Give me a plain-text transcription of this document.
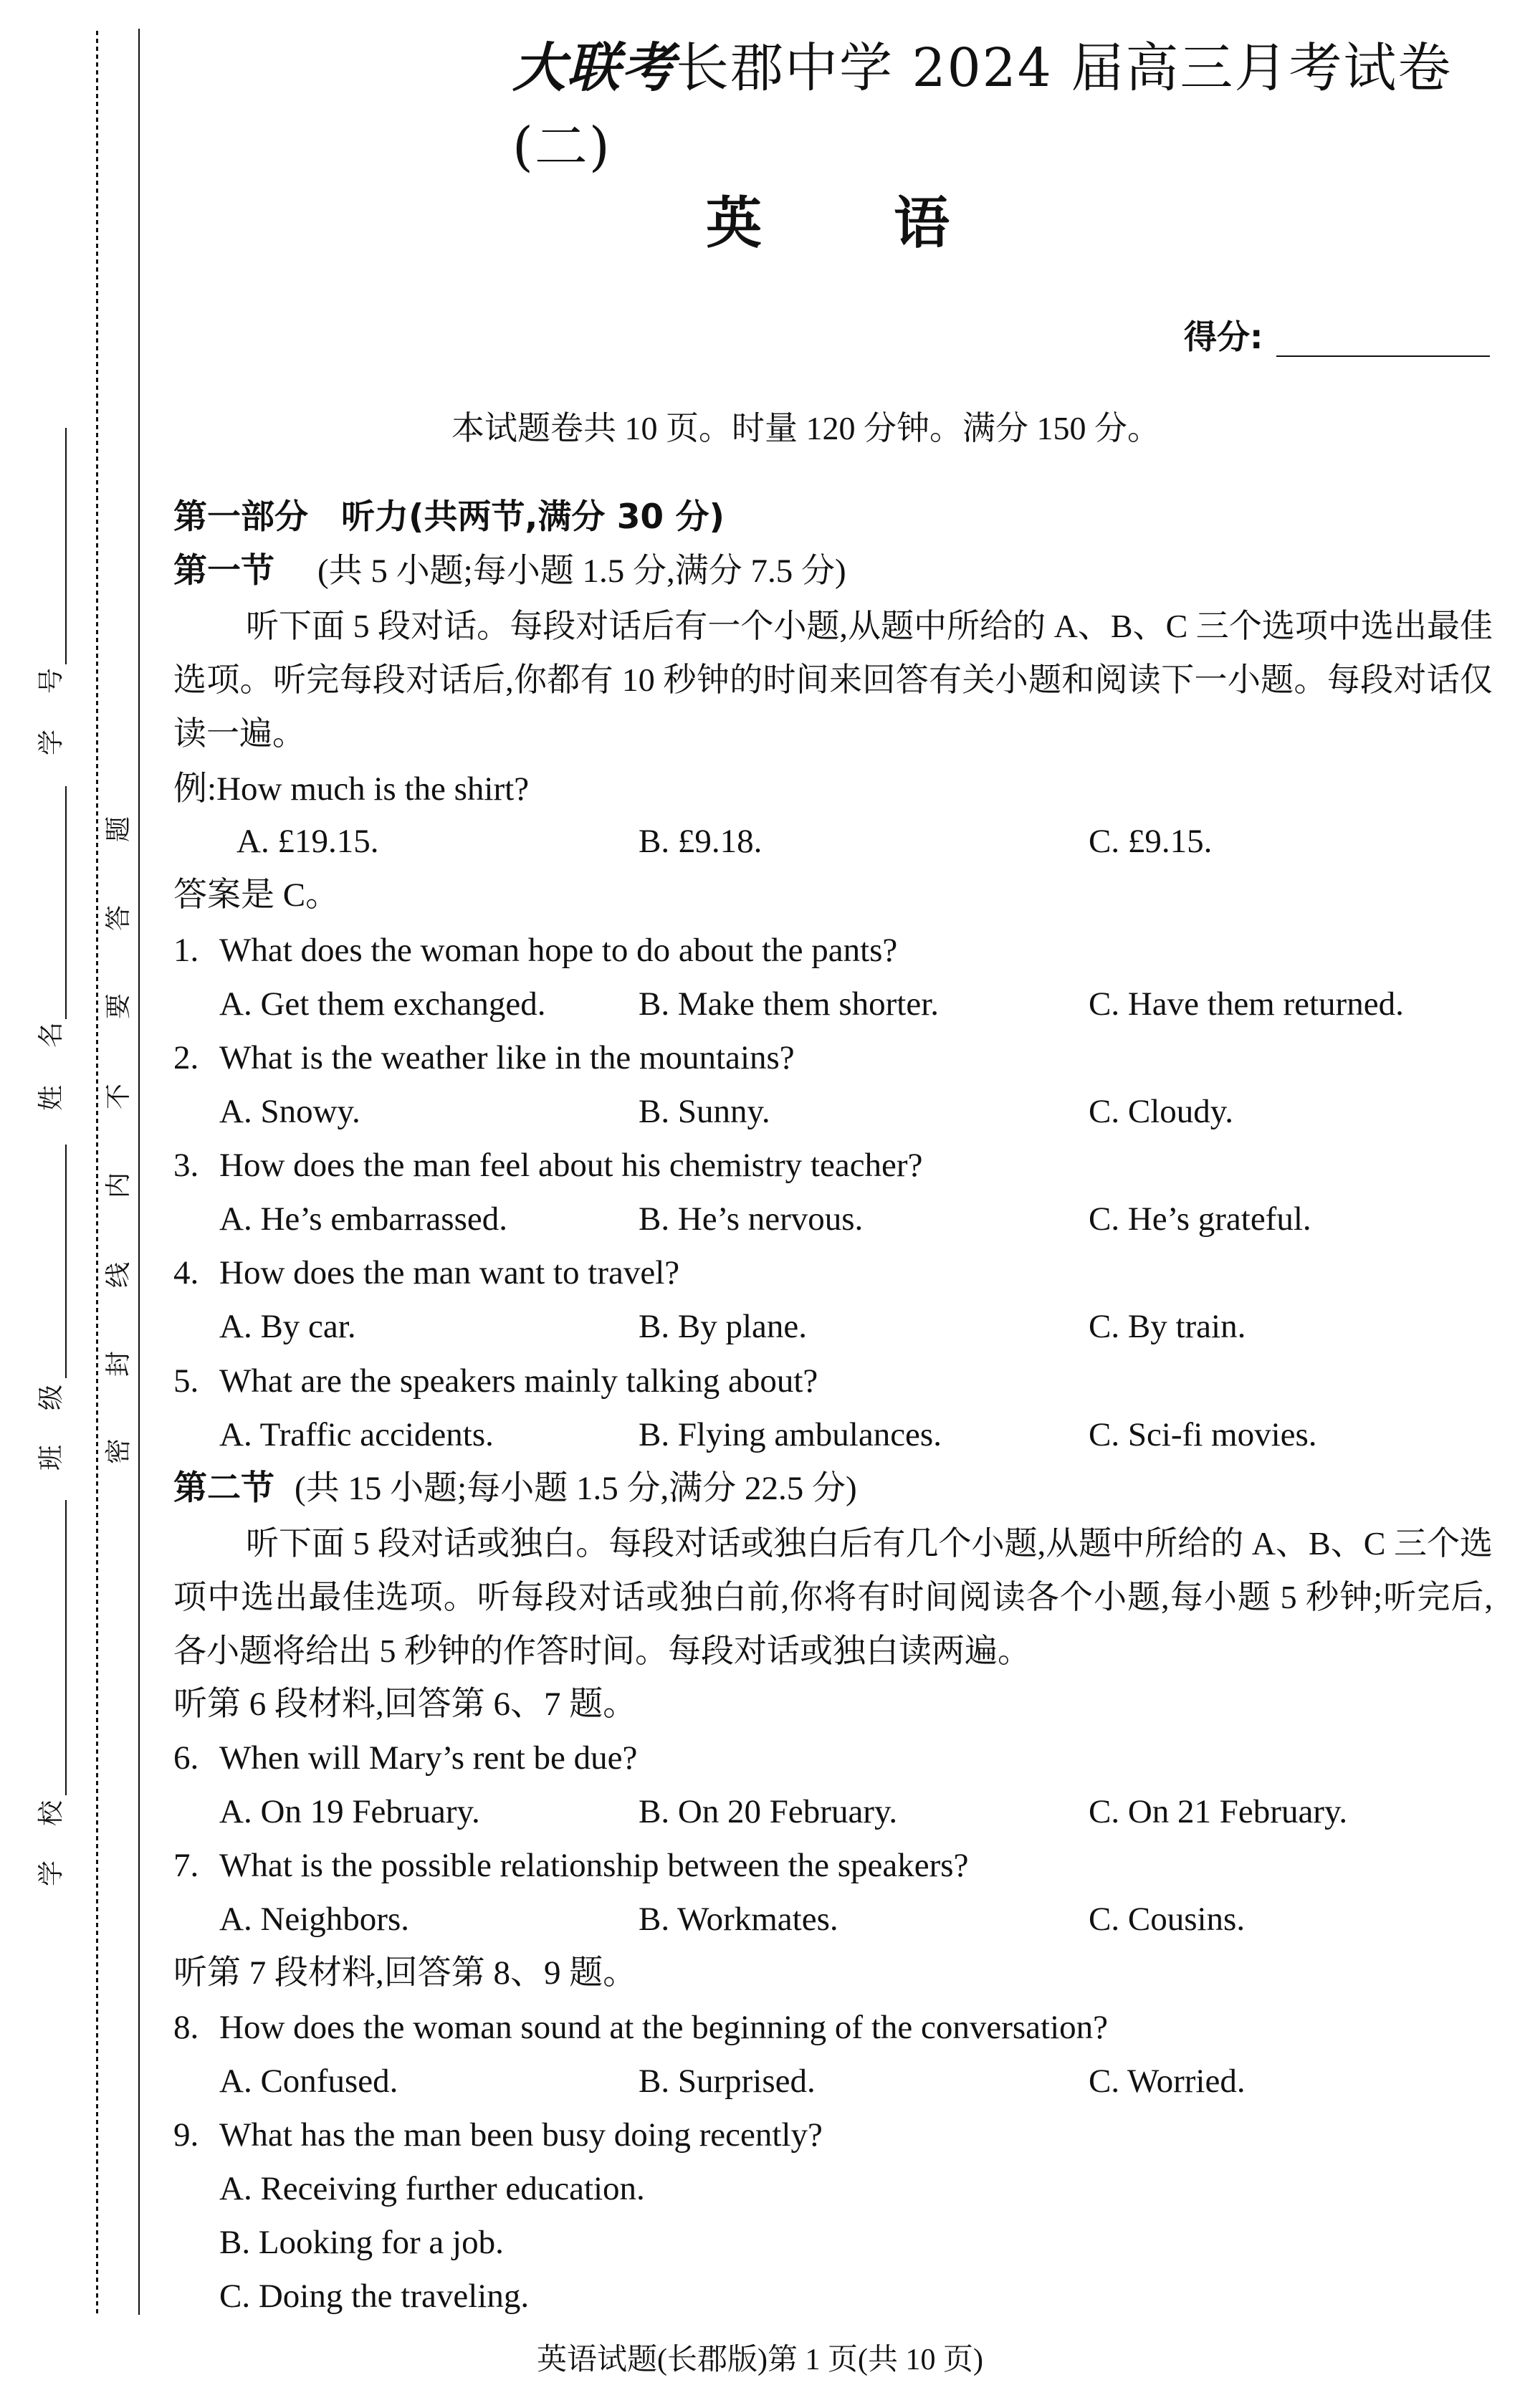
号
学
名
姓
级
班
校
学
题
答
要
不
内
线
封
密
大联考长郡中学 2024 届高三月考试卷(二)
英 语
得分:
本试题卷共 10 页。时量 120 分钟。满分 150 分。
第一部分 听力(共两节,满分 30 分)
第一节 (共 5 小题;每小题 1.5 分,满分 7.5 分)
听下面 5 段对话。每段对话后有一个小题,从题中所给的 A、B、C 三个选项中选出最佳选项。听完每段对话后,你都有 10 秒钟的时间来回答有关小题和阅读下一小题。每段对话仅读一遍。
例:How much is the shirt?
A. £19.15.	B. £9.18.	C. £9.15.
答案是 C。
1. What does the woman hope to do about the pants?
A. Get them exchanged.	B. Make them shorter.	C. Have them returned.
2. What is the weather like in the mountains?
A. Snowy.	B. Sunny.	C. Cloudy.
3. How does the man feel about his chemistry teacher?
A. He’s embarrassed.	B. He’s nervous.	C. He’s grateful.
4. How does the man want to travel?
A. By car.	B. By plane.	C. By train.
5. What are the speakers mainly talking about?
A. Traffic accidents.	B. Flying ambulances.	C. Sci-fi movies.
第二节 (共 15 小题;每小题 1.5 分,满分 22.5 分)
听下面 5 段对话或独白。每段对话或独白后有几个小题,从题中所给的 A、B、C 三个选项中选出最佳选项。听每段对话或独白前,你将有时间阅读各个小题,每小题 5 秒钟;听完后,各小题将给出 5 秒钟的作答时间。每段对话或独白读两遍。
听第 6 段材料,回答第 6、7 题。
6. When will Mary’s rent be due?
A. On 19 February.	B. On 20 February.	C. On 21 February.
7. What is the possible relationship between the speakers?
A. Neighbors.	B. Workmates.	C. Cousins.
听第 7 段材料,回答第 8、9 题。
8. How does the woman sound at the beginning of the conversation?
A. Confused.	B. Surprised.	C. Worried.
9. What has the man been busy doing recently?
A. Receiving further education.
B. Looking for a job.
C. Doing the traveling.
英语试题(长郡版)第 1 页(共 10 页)
